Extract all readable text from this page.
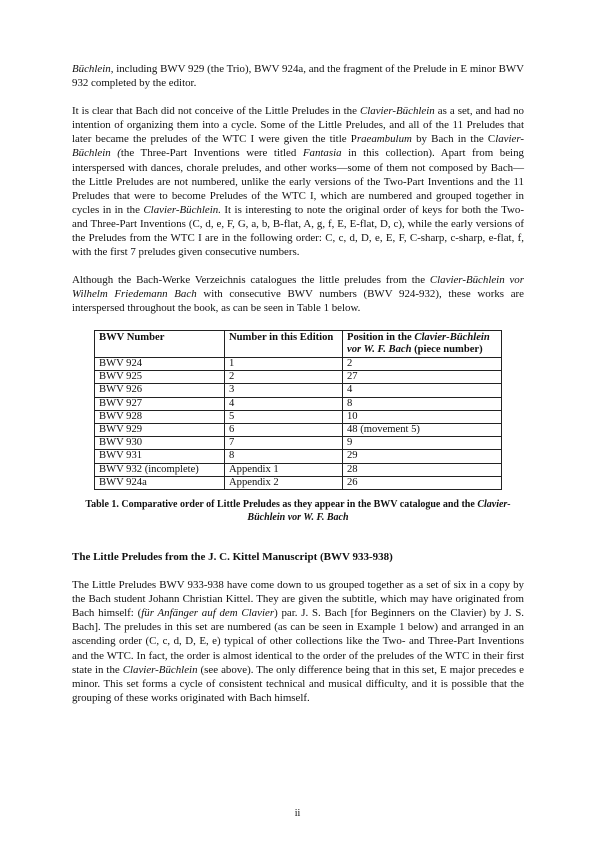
Büchlein, including BWV 929 (the Trio), BWV 924a, and the fragment of the Prelude in E minor BWV 932 completed by the editor.

It is clear that Bach did not conceive of the Little Preludes in the Clavier-Büchlein as a set, and had no intention of organizing them into a cycle. Some of the Little Preludes, and all of the 11 Preludes that later became the preludes of the WTC I were given the title Praeambulum by Bach in the Clavier-Büchlein (the Three-Part Inventions were titled Fantasia in this collection). Apart from being interspersed with dances, chorale preludes, and other works—some of them not composed by Bach—the Little Preludes are not numbered, unlike the early versions of the Two-Part Inventions and the 11 Preludes that were to become Preludes of the WTC I, which are numbered and grouped together in cycles in in the Clavier-Büchlein. It is interesting to note the original order of keys for both the Two- and Three-Part Inventions (C, d, e, F, G, a, b, B-flat, A, g, f, E, E-flat, D, c), while the early versions of the Preludes from the WTC I are in the following order: C, c, d, D, e, E, F, C-sharp, c-sharp, e-flat, f, with the first 7 preludes given consecutive numbers.

Although the Bach-Werke Verzeichnis catalogues the little preludes from the Clavier-Büchlein vor Wilhelm Friedemann Bach with consecutive BWV numbers (BWV 924-932), these works are interspersed throughout the book, as can be seen in Table 1 below.

BWV Number	Number in this Edition	Position in the Clavier-Büchlein vor W. F. Bach (piece number)
BWV 924	1	2
BWV 925	2	27
BWV 926	3	4
BWV 927	4	8
BWV 928	5	10
BWV 929	6	48 (movement 5)
BWV 930	7	9
BWV 931	8	29
BWV 932 (incomplete)	Appendix 1	28
BWV 924a	Appendix 2	26

Table 1. Comparative order of Little Preludes as they appear in the BWV catalogue and the Clavier-Büchlein vor W. F. Bach

The Little Preludes from the J. C. Kittel Manuscript (BWV 933-938)

The Little Preludes BWV 933-938 have come down to us grouped together as a set of six in a copy by the Bach student Johann Christian Kittel. They are given the subtitle, which may have originated from Bach himself: (für Anfänger auf dem Clavier) par. J. S. Bach [for Beginners on the Clavier) by J. S. Bach]. The preludes in this set are numbered (as can be seen in Example 1 below) and arranged in an ascending order (C, c, d, D, E, e) typical of other collections like the Two- and Three-Part Inventions and the WTC. In fact, the order is almost identical to the order of the preludes of the WTC in their first state in the Clavier-Büchlein (see above). The only difference being that in this set, E major precedes e minor. This set forms a cycle of consistent technical and musical difficulty, and it is possible that the grouping of these works originated with Bach himself.

ii
